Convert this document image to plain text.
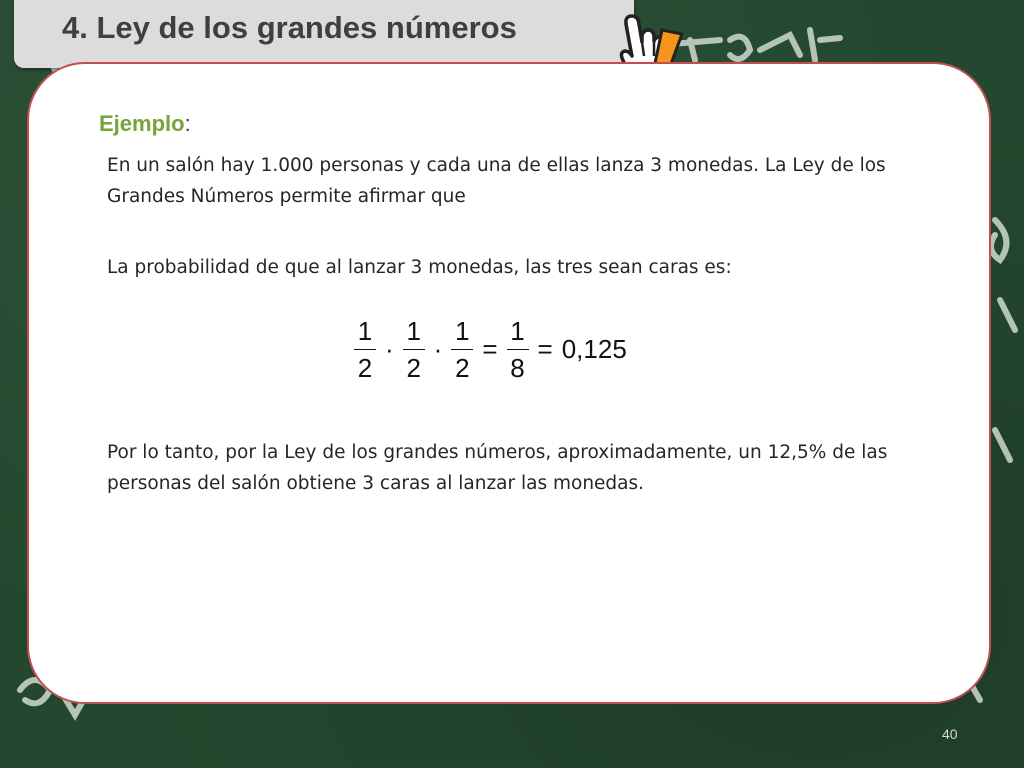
4. Ley de los grandes números
Ejemplo:
En un salón hay 1.000 personas y cada una de ellas lanza 3 monedas. La Ley de los Grandes Números permite afirmar que
La probabilidad de que al lanzar 3 monedas, las tres sean caras es:
$\frac{1}{2} \cdot \frac{1}{2} \cdot \frac{1}{2} = \frac{1}{8} = 0,125$
Por lo tanto, por la Ley de los grandes números, aproximadamente, un 12,5% de las personas del salón obtiene 3 caras al lanzar las monedas.
40
